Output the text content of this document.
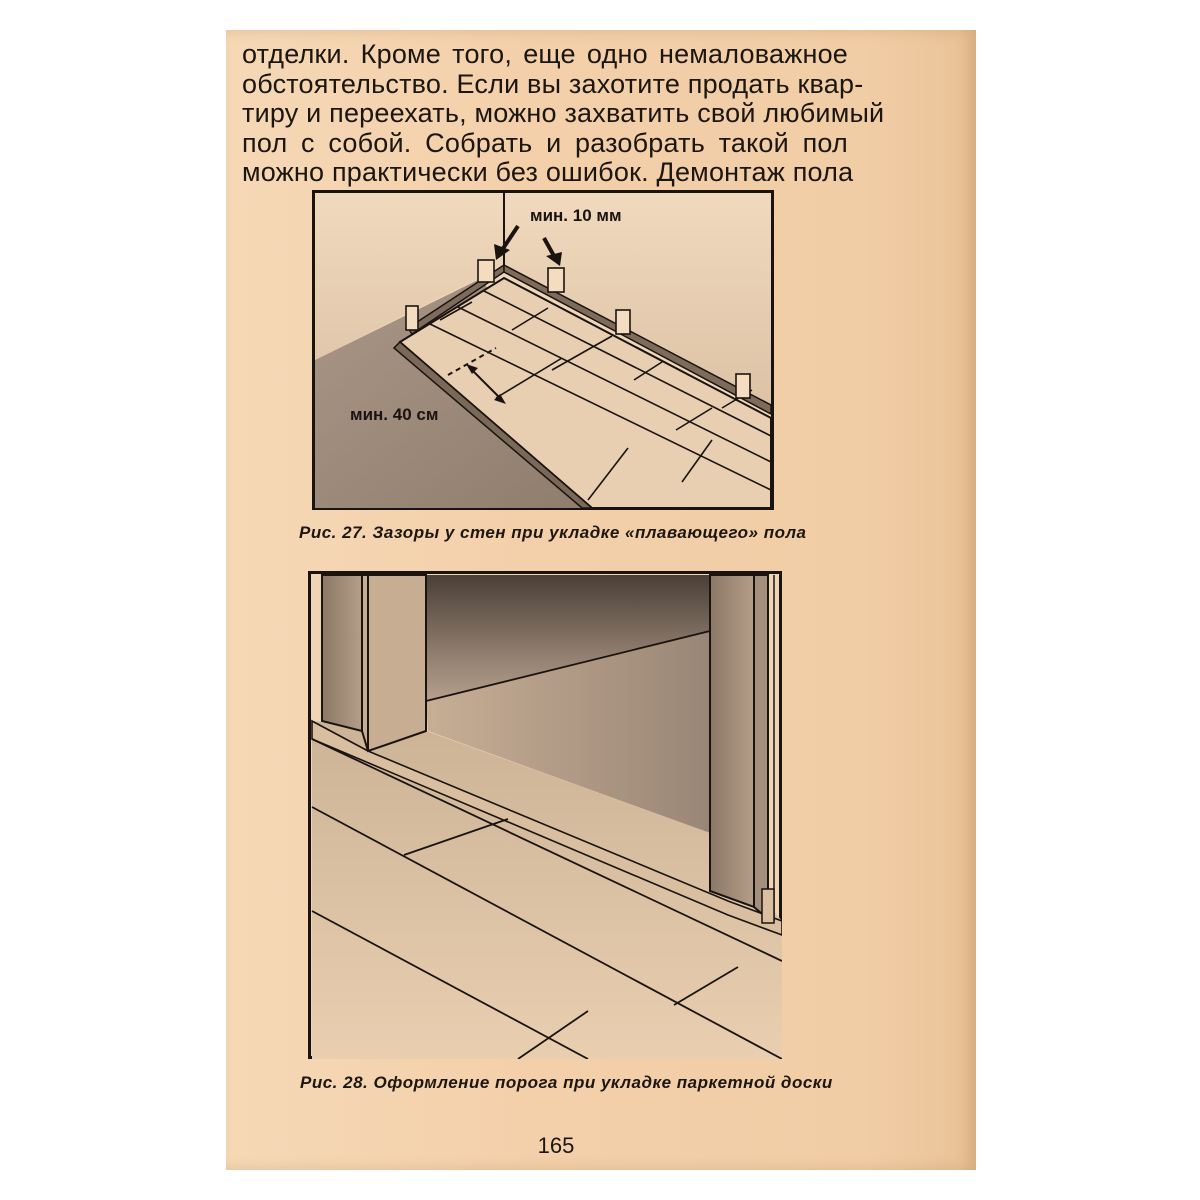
отделки. Кроме того, еще одно немаловажное
обстоятельство. Если вы захотите продать квар-
тиру и переехать, можно захватить свой любимый
пол с собой. Собрать и разобрать такой пол
можно практически без ошибок. Демонтаж пола
мин. 10 мм
мин. 40 см
Рис. 27. Зазоры у стен при укладке «плавающего» пола
Рис. 28. Оформление порога при укладке паркетной доски
165
